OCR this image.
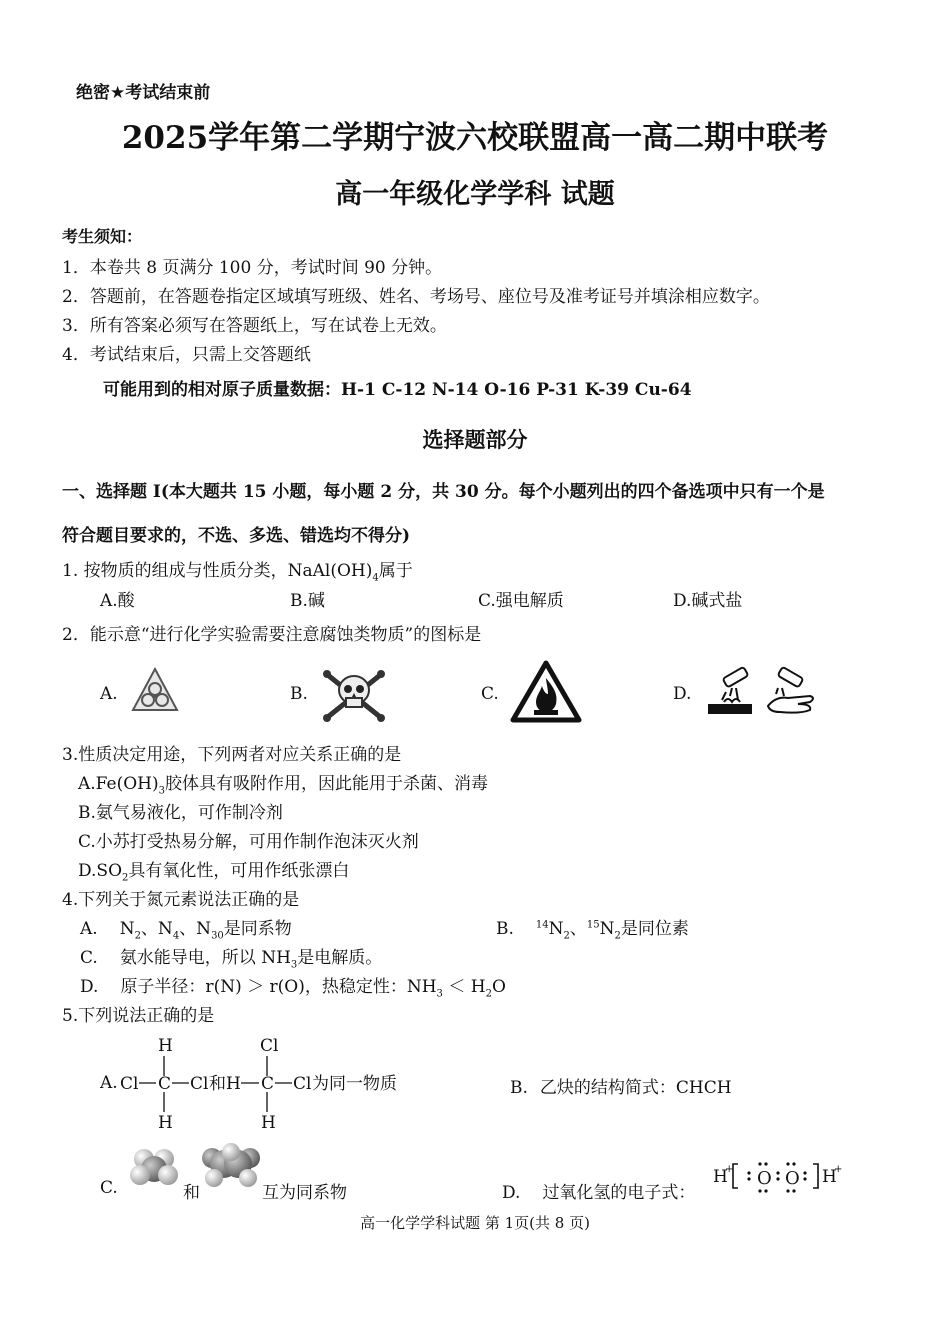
绝密★考试结束前
2025学年第二学期宁波六校联盟高一高二期中联考
高一年级化学学科 试题
考生须知：
1．本卷共 8 页满分 100 分，考试时间 90 分钟。
2．答题前，在答题卷指定区域填写班级、姓名、考场号、座位号及准考证号并填涂相应数字。
3．所有答案必须写在答题纸上，写在试卷上无效。
4．考试结束后，只需上交答题纸
可能用到的相对原子质量数据：H-1 C-12 N-14 O-16 P-31 K-39 Cu-64
选择题部分
一、选择题 I(本大题共 15 小题，每小题 2 分，共 30 分。每个小题列出的四个备选项中只有一个是
符合题目要求的，不选、多选、错选均不得分)
1. 按物质的组成与性质分类，$NaAl(OH)_4$属于
A.酸	B.碱	C.强电解质	D.碱式盐
2．能示意“进行化学实验需要注意腐蚀类物质”的图标是
A.	B.	C.	D.
3.性质决定用途，下列两者对应关系正确的是
$A.Fe(OH)_3$胶体具有吸附作用，因此能用于杀菌、消毒
B.氨气易液化，可作制冷剂
C.小苏打受热易分解，可用作制作泡沫灭火剂
$D.SO_2$具有氧化性，可用作纸张漂白
4.下列关于氮元素说法正确的是
A. $N_2$、$N_4$、$N_{30}$是同系物	B. $^{14}N_2$、$^{15}N_2$是同位素
C. 氨水能导电，所以 $NH_3$是电解质。
D. 原子半径：r(N) ＞ r(O)，热稳定性：$NH_3 < H_2O$
5.下列说法正确的是
A.
H
Cl C Cl 和
H
Cl
H C Cl 为同一物质
H
B. 乙炔的结构简式：CHCH
C.	和	互为同系物	D. 过氧化氢的电子式：
H
+ O O H
+
高一化学学科试题 第 1页(共 8 页)
